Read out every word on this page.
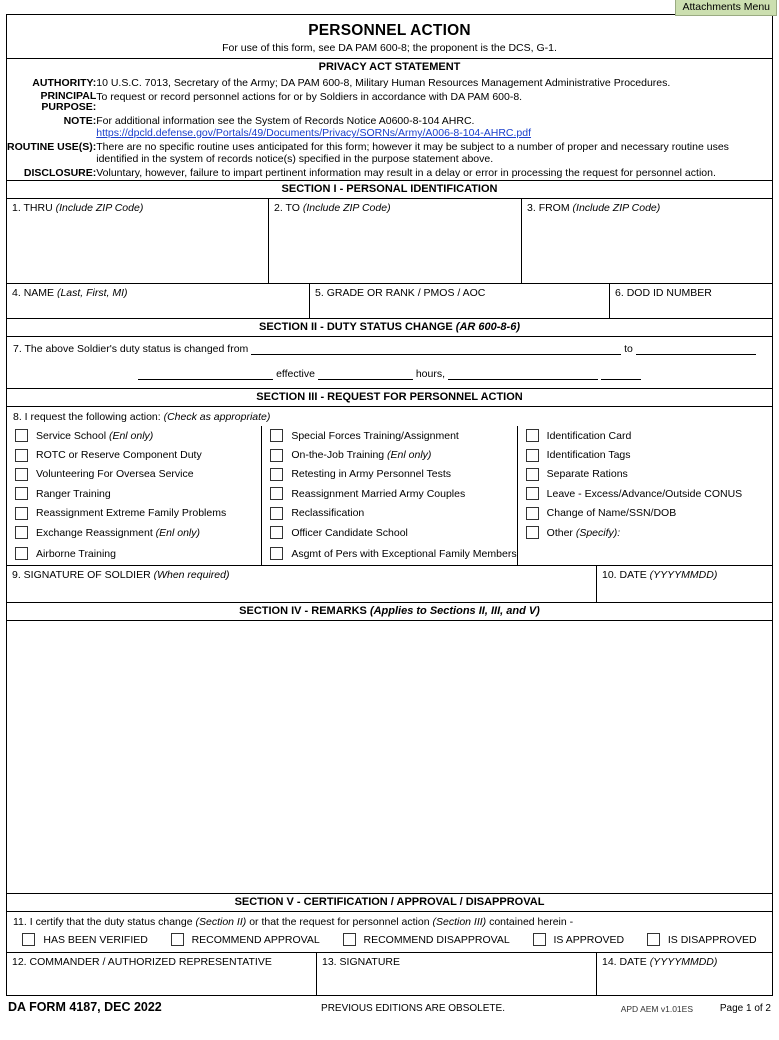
Attachments Menu
PERSONNEL ACTION
For use of this form, see DA PAM 600-8; the proponent is the DCS, G-1.
PRIVACY ACT STATEMENT
AUTHORITY:	10 U.S.C. 7013, Secretary of the Army; DA PAM 600-8, Military Human Resources Management Administrative Procedures.
PRINCIPAL
PURPOSE:	To request or record personnel actions for or by Soldiers in accordance with DA PAM 600-8.
NOTE:	For additional information see the System of Records Notice A0600-8-104 AHRC.
https://dpcld.defense.gov/Portals/49/Documents/Privacy/SORNs/Army/A006-8-104-AHRC.pdf
ROUTINE USE(S):	There are no specific routine uses anticipated for this form; however it may be subject to a number of proper and necessary routine uses identified in the system of records notice(s) specified in the purpose statement above.
DISCLOSURE:	Voluntary, however, failure to impart pertinent information may result in a delay or error in processing the request for personnel action.
SECTION I - PERSONAL IDENTIFICATION
1. THRU (Include ZIP Code)	2. TO (Include ZIP Code)	3. FROM (Include ZIP Code)
4. NAME (Last, First, MI)	5. GRADE OR RANK / PMOS / AOC	6. DOD ID NUMBER
SECTION II - DUTY STATUS CHANGE (AR 600-8-6)
7. The above Soldier's duty status is changed from	to
effective	hours,
SECTION III - REQUEST FOR PERSONNEL ACTION
8. I request the following action: (Check as appropriate)
Service School (Enl only)
ROTC or Reserve Component Duty
Volunteering For Oversea Service
Ranger Training
Reassignment Extreme Family Problems
Exchange Reassignment (Enl only)
Airborne Training
Special Forces Training/Assignment
On-the-Job Training (Enl only)
Retesting in Army Personnel Tests
Reassignment Married Army Couples
Reclassification
Officer Candidate School
Asgmt of Pers with Exceptional Family Members
Identification Card
Identification Tags
Separate Rations
Leave - Excess/Advance/Outside CONUS
Change of Name/SSN/DOB
Other (Specify):
9. SIGNATURE OF SOLDIER (When required)	10. DATE (YYYYMMDD)
SECTION IV - REMARKS (Applies to Sections II, III, and V)
SECTION V - CERTIFICATION / APPROVAL / DISAPPROVAL
11. I certify that the duty status change (Section II) or that the request for personnel action (Section III) contained herein -
HAS BEEN VERIFIED	RECOMMEND APPROVAL	RECOMMEND DISAPPROVAL	IS APPROVED	IS DISAPPROVED
12. COMMANDER / AUTHORIZED REPRESENTATIVE	13. SIGNATURE	14. DATE (YYYYMMDD)
DA FORM 4187, DEC 2022	PREVIOUS EDITIONS ARE OBSOLETE.	APD AEM v1.01ES	Page 1 of 2
